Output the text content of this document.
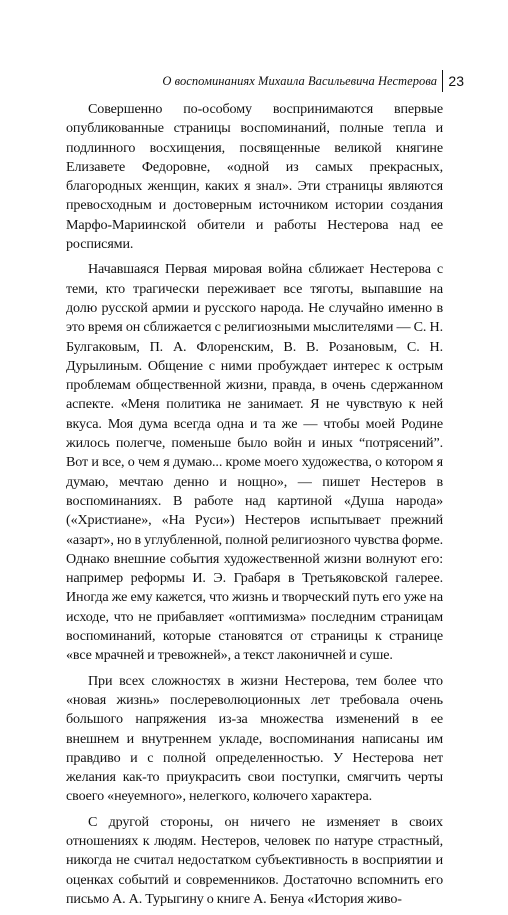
О воспоминаниях Михаила Васильевича Нестерова 23

Совершенно по-особому воспринимаются впервые опубликованные страницы воспоминаний, полные тепла и подлинного восхищения, посвященные великой княгине Елизавете Федоровне, «одной из самых прекрасных, благородных женщин, каких я знал». Эти страницы являются превосходным и достоверным источником истории создания Марфо-Мариинской обители и работы Нестерова над ее росписями.

Начавшаяся Первая мировая война сближает Нестерова с теми, кто трагически переживает все тяготы, выпавшие на долю русской армии и русского народа. Не случайно именно в это время он сближается с религиозными мыслителями — С. Н. Булгаковым, П. А. Флоренским, В. В. Розановым, С. Н. Дурылиным. Общение с ними пробуждает интерес к острым проблемам общественной жизни, правда, в очень сдержанном аспекте. «Меня политика не занимает. Я не чувствую к ней вкуса. Моя дума всегда одна и та же — чтобы моей Родине жилось полегче, поменьше было войн и иных “потрясений”. Вот и все, о чем я думаю... кроме моего художества, о котором я думаю, мечтаю денно и нощно», — пишет Нестеров в воспоминаниях. В работе над картиной «Душа народа» («Христиане», «На Руси») Нестеров испытывает прежний «азарт», но в углубленной, полной религиозного чувства форме. Однако внешние события художественной жизни волнуют его: например реформы И. Э. Грабаря в Третьяковской галерее. Иногда же ему кажется, что жизнь и творческий путь его уже на исходе, что не прибавляет «оптимизма» последним страницам воспоминаний, которые становятся от страницы к странице «все мрачней и тревожней», а текст лаконичней и суше.

При всех сложностях в жизни Нестерова, тем более что «новая жизнь» послереволюционных лет требовала очень большого напряжения из-за множества изменений в ее внешнем и внутреннем укладе, воспоминания написаны им правдиво и с полной определенностью. У Нестерова нет желания как-то приукрасить свои поступки, смягчить черты своего «неуемного», нелегкого, колючего характера.

С другой стороны, он ничего не изменяет в своих отношениях к людям. Нестеров, человек по натуре страстный, никогда не считал недостатком субъективность в восприятии и оценках событий и современников. Достаточно вспомнить его письмо А. А. Турыгину о книге А. Бенуа «История живо-
